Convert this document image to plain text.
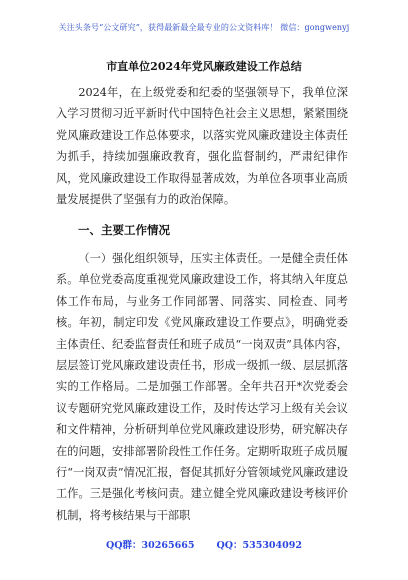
关注头条号“公文研究”，获得最新最全最专业的公文资料库！ 微信：gongwenyj
市直单位2024年党风廉政建设工作总结

2024年，在上级党委和纪委的坚强领导下，我单位深入学习贯彻习近平新时代中国特色社会主义思想，紧紧围绕党风廉政建设工作总体要求，以落实党风廉政建设主体责任为抓手，持续加强廉政教育，强化监督制约，严肃纪律作风，党风廉政建设工作取得显著成效，为单位各项事业高质量发展提供了坚强有力的政治保障。

一、主要工作情况

（一）强化组织领导，压实主体责任。一是健全责任体系。单位党委高度重视党风廉政建设工作，将其纳入年度总体工作布局，与业务工作同部署、同落实、同检查、同考核。年初，制定印发《党风廉政建设工作要点》，明确党委主体责任、纪委监督责任和班子成员“一岗双责”具体内容，层层签订党风廉政建设责任书，形成一级抓一级、层层抓落实的工作格局。二是加强工作部署。全年共召开*次党委会议专题研究党风廉政建设工作，及时传达学习上级有关会议和文件精神，分析研判单位党风廉政建设形势，研究解决存在的问题，安排部署阶段性工作任务。定期听取班子成员履行“一岗双责”情况汇报，督促其抓好分管领域党风廉政建设工作。三是强化考核问责。建立健全党风廉政建设考核评价机制，将考核结果与干部职

QQ群：30265665 QQ：535304092
